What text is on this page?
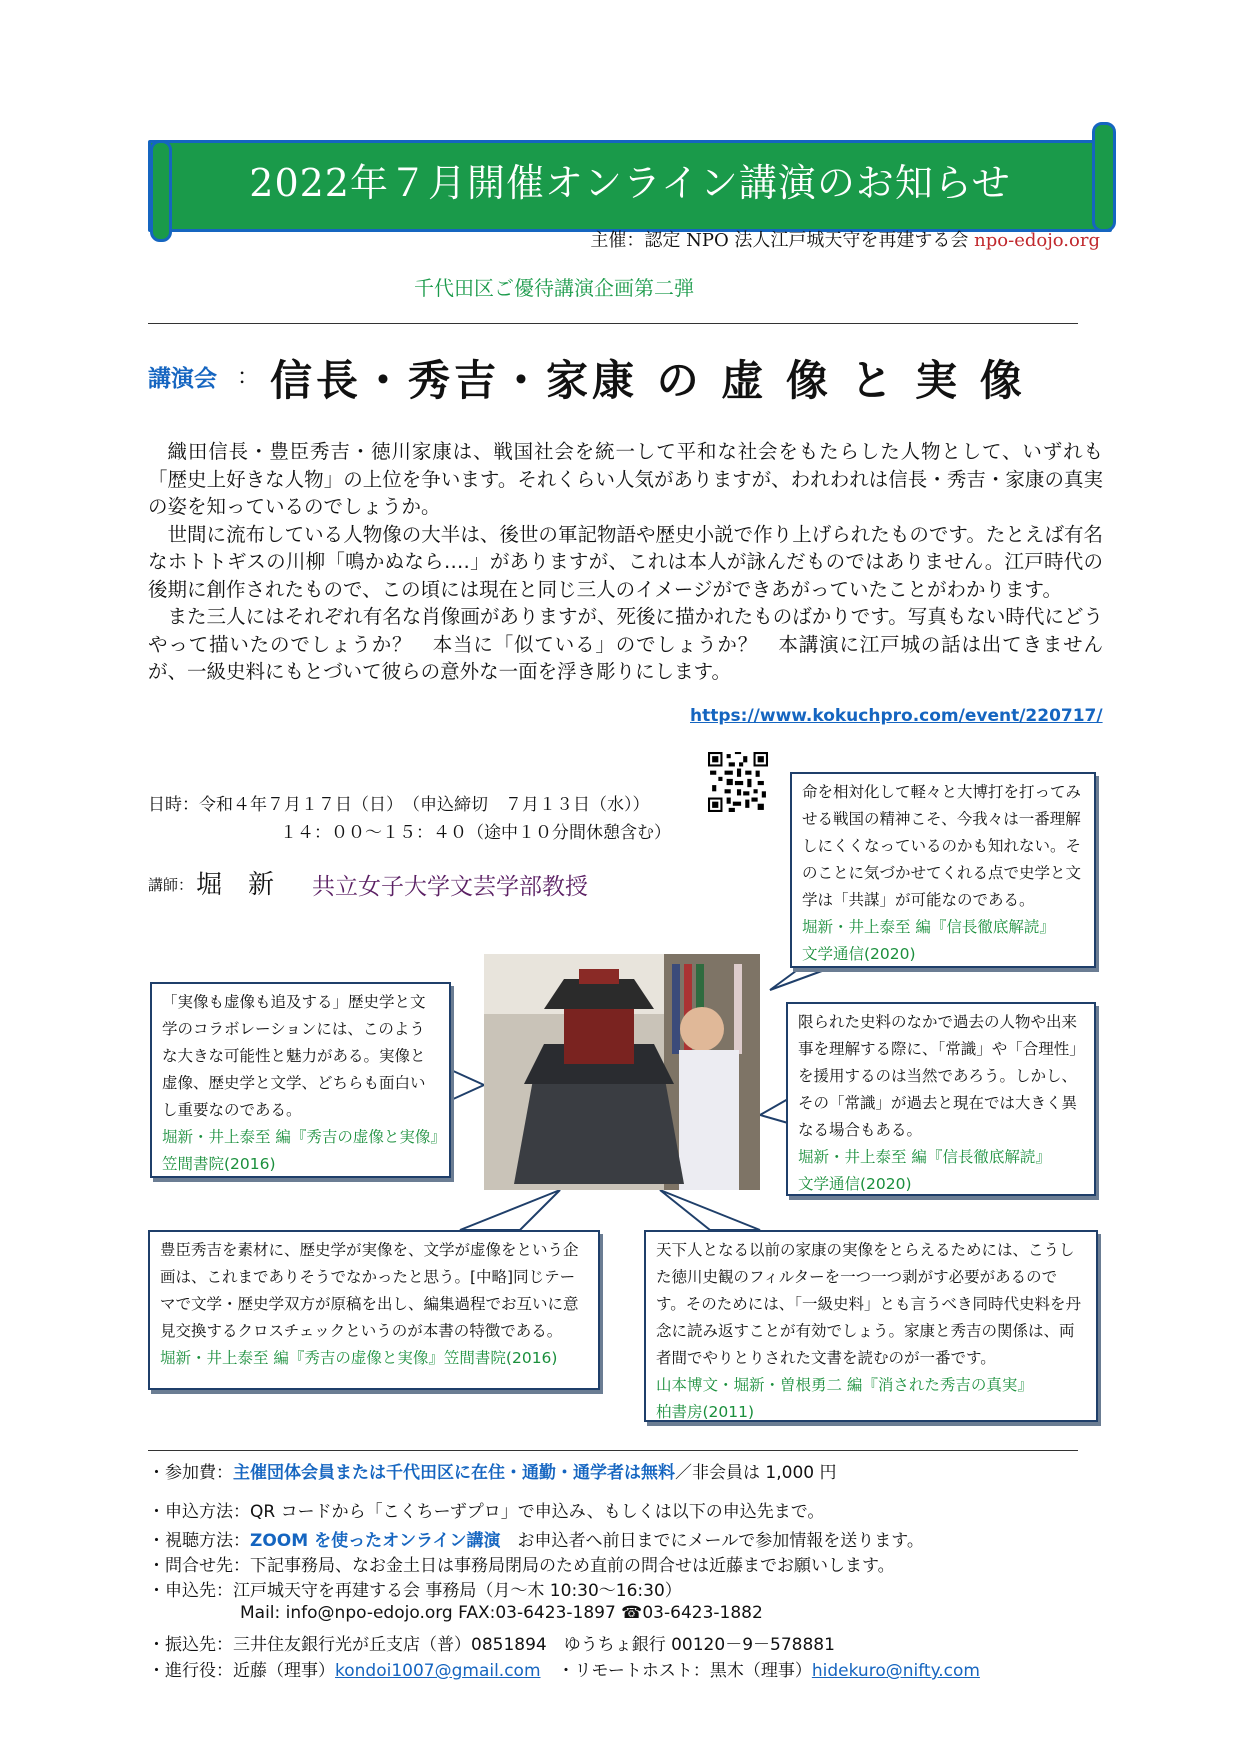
2022年７月開催オンライン講演のお知らせ
主催：認定 NPO 法人江戸城天守を再建する会 npo-edojo.org
千代田区ご優待講演企画第二弾
講演会 ： 信長・秀吉・家康 の 虚 像 と 実 像

織田信長・豊臣秀吉・徳川家康は、戦国社会を統一して平和な社会をもたらした人物として、いずれも「歴史上好きな人物」の上位を争います。それくらい人気がありますが、われわれは信長・秀吉・家康の真実の姿を知っているのでしょうか。

世間に流布している人物像の大半は、後世の軍記物語や歴史小説で作り上げられたものです。たとえば有名なホトトギスの川柳「鳴かぬなら‥‥」がありますが、これは本人が詠んだものではありません。江戸時代の後期に創作されたもので、この頃には現在と同じ三人のイメージができあがっていたことがわかります。

また三人にはそれぞれ有名な肖像画がありますが、死後に描かれたものばかりです。写真もない時代にどうやって描いたのでしょうか？　本当に「似ている」のでしょうか？　本講演に江戸城の話は出てきませんが、一級史料にもとづいて彼らの意外な一面を浮き彫りにします。

https://www.kokuchpro.com/event/220717/
日時：令和４年７月１７日（日）　（申込締切　７月１３日（水））
１４：００～１５：４０（途中１０分間休憩含む）
講師： 堀　新 共立女子大学文芸学部教授

命を相対化して軽々と大博打を打ってみせる戦国の精神こそ、今我々は一番理解しにくくなっているのかも知れない。そのことに気づかせてくれる点で史学と文学は「共謀」が可能なのである。

堀新・井上泰至 編『信長徹底解読』

文学通信(2020)

「実像も虚像も追及する」歴史学と文学のコラボレーションには、このような大きな可能性と魅力がある。実像と虚像、歴史学と文学、どちらも面白いし重要なのである。

堀新・井上泰至 編『秀吉の虚像と実像』

笠間書院(2016)

限られた史料のなかで過去の人物や出来事を理解する際に、「常識」や「合理性」を援用するのは当然であろう。しかし、その「常識」が過去と現在では大きく異なる場合もある。

堀新・井上泰至 編『信長徹底解読』

文学通信(2020)

豊臣秀吉を素材に、歴史学が実像を、文学が虚像をという企画は、これまでありそうでなかったと思う。[中略]同じテーマで文学・歴史学双方が原稿を出し、編集過程でお互いに意見交換するクロスチェックというのが本書の特徴である。

堀新・井上泰至 編『秀吉の虚像と実像』笠間書院(2016)

天下人となる以前の家康の実像をとらえるためには、こうした徳川史観のフィルターを一つ一つ剥がす必要があるのです。そのためには、「一級史料」とも言うべき同時代史料を丹念に読み返すことが有効でしょう。家康と秀吉の関係は、両者間でやりとりされた文書を読むのが一番です。

山本博文・堀新・曽根勇二 編『消された秀吉の真実』

柏書房(2011)

・参加費：主催団体会員または千代田区に在住・通勤・通学者は無料／非会員は 1,000 円
・申込方法：QR コードから「こくちーずプロ」で申込み、もしくは以下の申込先まで。
・視聴方法：ZOOM を使ったオンライン講演　お申込者へ前日までにメールで参加情報を送ります。
・問合せ先：下記事務局、なお金土日は事務局閉局のため直前の問合せは近藤までお願いします。
・申込先：江戸城天守を再建する会 事務局（月～木 10:30～16:30）
Mail: info@npo-edojo.org FAX:03-6423-1897 ☎03-6423-1882
・振込先：三井住友銀行光が丘支店（普）0851894　ゆうちょ銀行 00120－9－578881
・進行役：近藤（理事）kondoi1007@gmail.com　 ・リモートホスト：黒木（理事）hidekuro@nifty.com
